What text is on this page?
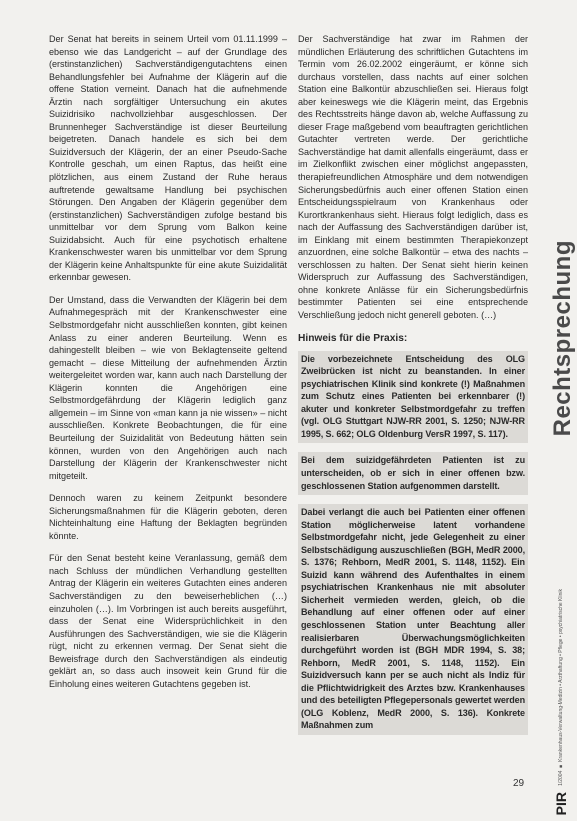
Der Senat hat bereits in seinem Urteil vom 01.11.1999 – ebenso wie das Landgericht – auf der Grundlage des (erstinstanzlichen) Sachverständigengutachtens einen Behandlungsfehler bei Aufnahme der Klägerin auf die offene Station verneint. Danach hat die aufnehmende Ärztin nach sorgfältiger Untersuchung ein akutes Suizidrisiko nachvollziehbar ausgeschlossen. Der Brunnenheger Sachverständige ist dieser Beurteilung beigetreten. Danach handele es sich bei dem Suizidversuch der Klägerin, der an einer Pseudo-Sache Kontrolle geschah, um einen Raptus, das heißt eine plötzlichen, aus einem Zustand der Ruhe heraus auftretende gewaltsame Handlung bei psychischen Störungen. Den Angaben der Klägerin gegenüber dem (erstinstanzlichen) Sachverständigen zufolge bestand bis unmittelbar vor dem Sprung vom Balkon keine Suizidabsicht. Auch für eine psychotisch erhaltene Krankenschwester waren bis unmittelbar vor dem Sprung der Klägerin keine Anhaltspunkte für eine akute Suizidalität erkennbar gewesen.

Der Umstand, dass die Verwandten der Klägerin bei dem Aufnahmegespräch mit der Krankenschwester eine Selbstmordgefahr nicht ausschließen konnten, gibt keinen Anlass zu einer anderen Beurteilung. Wenn es dahingestellt bleiben – wie von Beklagtenseite geltend gemacht – diese Mitteilung der aufnehmenden Ärztin weitergeleitet worden war, kann auch nach Darstellung der Klägerin konnten die Angehörigen eine Selbstmordgefährdung der Klägerin lediglich ganz allgemein – im Sinne von «man kann ja nie wissen» – nicht ausschließen. Konkrete Beobachtungen, die für eine Beurteilung der Suizidalität von Bedeutung hätten sein können, wurden von den Angehörigen auch nach Darstellung der Klägerin der Krankenschwester nicht mitgeteilt.

Dennoch waren zu keinem Zeitpunkt besondere Sicherungsmaßnahmen für die Klägerin geboten, deren Nichteinhaltung eine Haftung der Beklagten begründen könnte.

Für den Senat besteht keine Veranlassung, gemäß dem nach Schluss der mündlichen Verhandlung gestellten Antrag der Klägerin ein weiteres Gutachten eines anderen Sachverständigen zu den beweiserheblichen (…) einzuholen (…). Im Vorbringen ist auch bereits ausgeführt, dass der Senat eine Widersprüchlichkeit in den Ausführungen des Sachverständigen, wie sie die Klägerin rügt, nicht zu erkennen vermag. Der Senat sieht die Beweisfrage durch den Sachverständigen als eindeutig geklärt an, so dass auch insoweit kein Grund für die Einholung eines weiteren Gutachtens gegeben ist.

Der Sachverständige hat zwar im Rahmen der mündlichen Erläuterung des schriftlichen Gutachtens im Termin vom 26.02.2002 eingeräumt, er könne sich durchaus vorstellen, dass nachts auf einer solchen Station eine Balkontür abzuschließen sei. Hieraus folgt aber keineswegs wie die Klägerin meint, das Ergebnis des Rechtsstreits hänge davon ab, welche Auffassung zu dieser Frage maßgebend vom beauftragten gerichtlichen Gutachter vertreten werde. Der gerichtliche Sachverständige hat damit allenfalls eingeräumt, dass er im Zielkonflikt zwischen einer möglichst angepassten, therapiefreundlichen Atmosphäre und dem notwendigen Sicherungsbedürfnis auch einer offenen Station einen Entscheidungsspielraum von Krankenhaus oder Kurortkrankenhaus sieht. Hieraus folgt lediglich, dass es nach der Auffassung des Sachverständigen darüber ist, im Einklang mit einem bestimmten Therapiekonzept anzuordnen, eine solche Balkontür – etwa des nachts – verschlossen zu halten. Der Senat sieht hierin keinen Widerspruch zur Auffassung des Sachverständigen, ohne konkrete Anlässe für ein Sicherungsbedürfnis bestimmter Patienten sei eine entsprechende Verschließung jedoch nicht generell geboten. (…)

Hinweis für die Praxis:

Die vorbezeichnete Entscheidung des OLG Zweibrücken ist nicht zu beanstanden. In einer psychiatrischen Klinik sind konkrete (!) Maßnahmen zum Schutz eines Patienten bei erkennbarer (!) akuter und konkreter Selbstmordgefahr zu treffen (vgl. OLG Stuttgart NJW-RR 2001, S. 1250; NJW-RR 1995, S. 662; OLG Oldenburg VersR 1997, S. 117).

Bei dem suizidgefährdeten Patienten ist zu unterscheiden, ob er sich in einer offenen bzw. geschlossenen Station aufgenommen darstellt.

Dabei verlangt die auch bei Patienten einer offenen Station möglicherweise latent vorhandene Selbstmordgefahr nicht, jede Gelegenheit zu einer Selbstschädigung auszuschließen (BGH, MedR 2000, S. 1376; Rehborn, MedR 2001, S. 1148, 1152). Ein Suizid kann während des Aufenthaltes in einem psychiatrischen Krankenhaus nie mit absoluter Sicherheit vermieden werden, gleich, ob die Behandlung auf einer offenen oder auf einer geschlossenen Station unter Beachtung aller realisierbaren Überwachungsmöglichkeiten durchgeführt worden ist (BGH MDR 1994, S. 38; Rehborn, MedR 2001, S. 1148, 1152). Ein Suizidversuch kann per se auch nicht als Indiz für die Pflichtwidrigkeit des Arztes bzw. Krankenhauses und des beteiligten Pflegepersonals gewertet werden (OLG Koblenz, MedR 2000, S. 136). Konkrete Maßnahmen zum

Rechtsprechung
PIR
1/2004 ■ Krankenhaus-Verwaltung-Medizin • Arzthaftung • Pflege • psychiatrische Klinik
29
